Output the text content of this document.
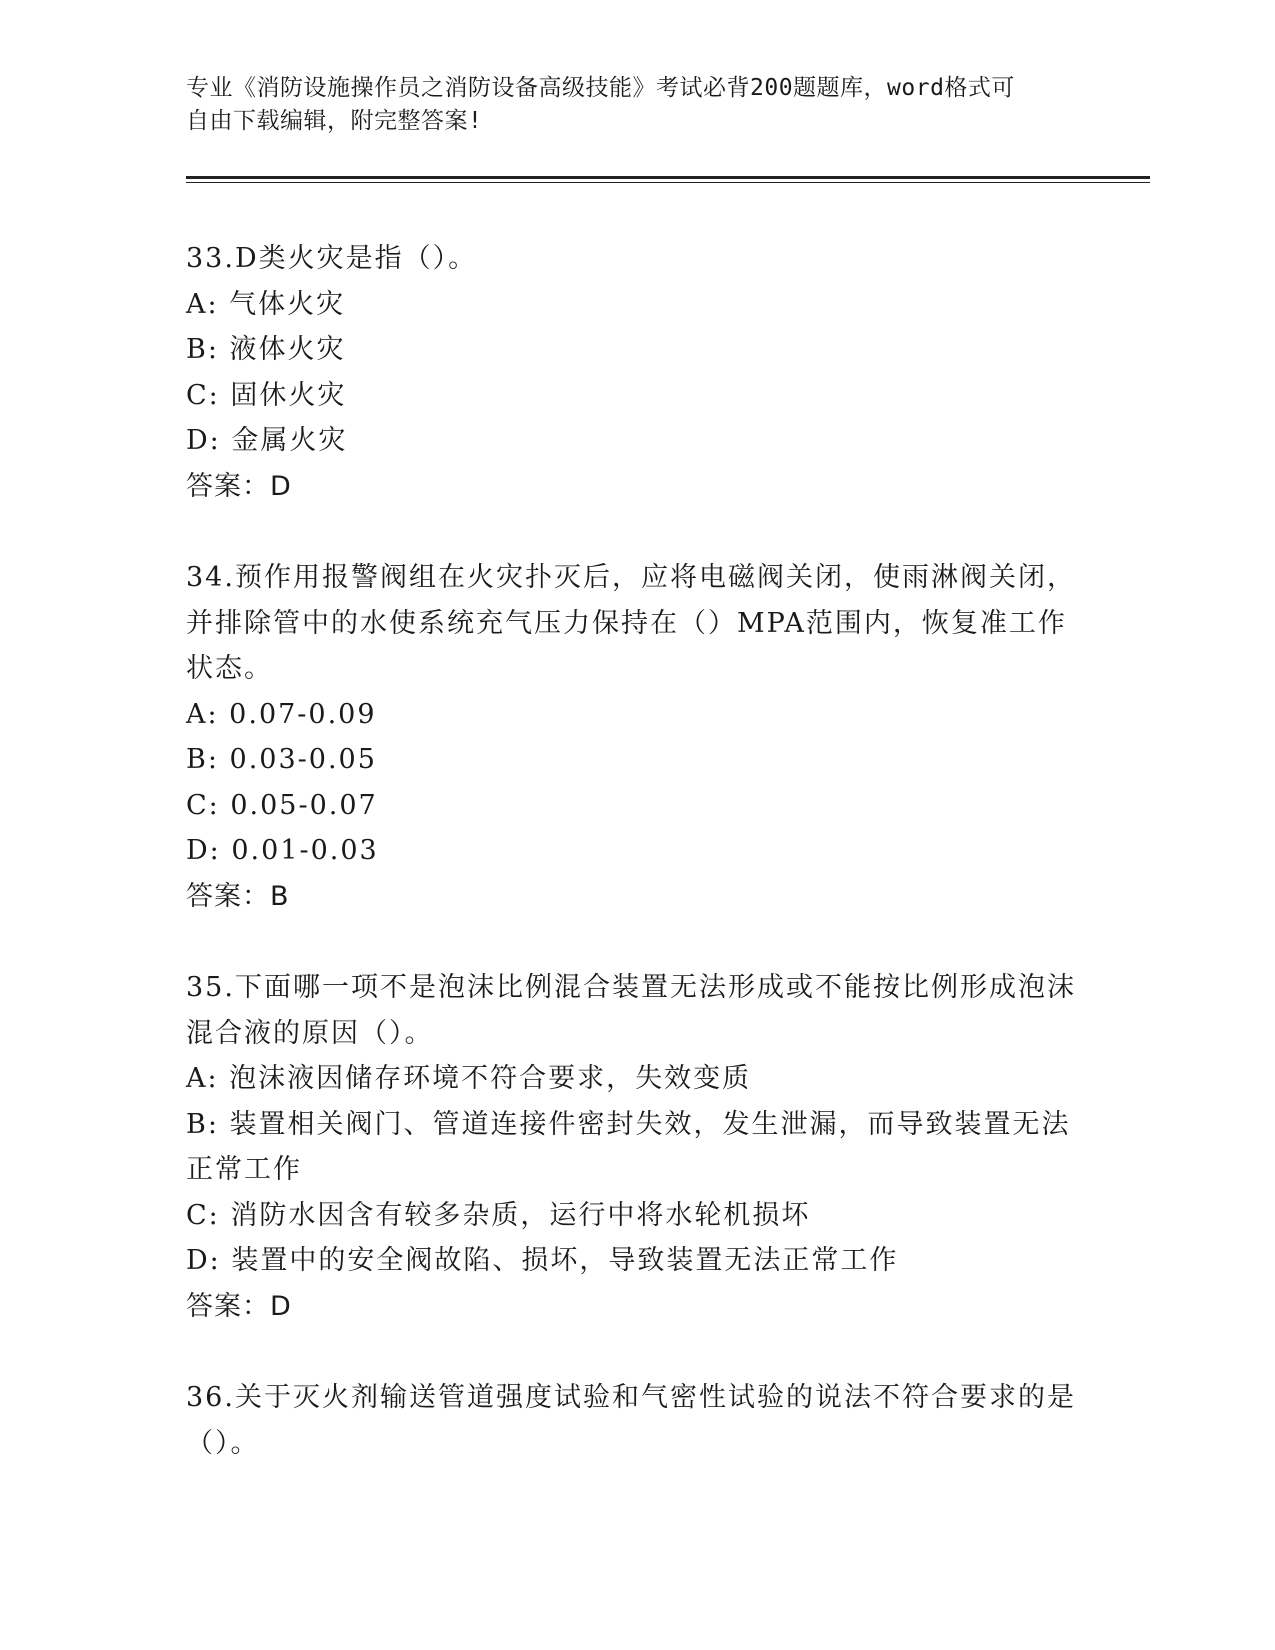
专业《消防设施操作员之消防设备高级技能》考试必背200题题库，word格式可
自由下载编辑，附完整答案!
33.D类火灾是指（）。
A: 气体火灾
B: 液体火灾
C: 固休火灾
D: 金属火灾
答案：D
34.预作用报警阀组在火灾扑灭后，应将电磁阀关闭，使雨淋阀关闭，并排除管中的水使系统充气压力保持在（）MPA范围内，恢复准工作状态。
A: 0.07-0.09
B: 0.03-0.05
C: 0.05-0.07
D: 0.01-0.03
答案：B
35.下面哪一项不是泡沫比例混合装置无法形成或不能按比例形成泡沫混合液的原因（）。
A: 泡沫液因储存环境不符合要求，失效变质
B: 装置相关阀门、管道连接件密封失效，发生泄漏，而导致装置无法正常工作
C: 消防水因含有较多杂质，运行中将水轮机损坏
D: 装置中的安全阀故陷、损坏，导致装置无法正常工作
答案：D
36.关于灭火剂输送管道强度试验和气密性试验的说法不符合要求的是（）。
